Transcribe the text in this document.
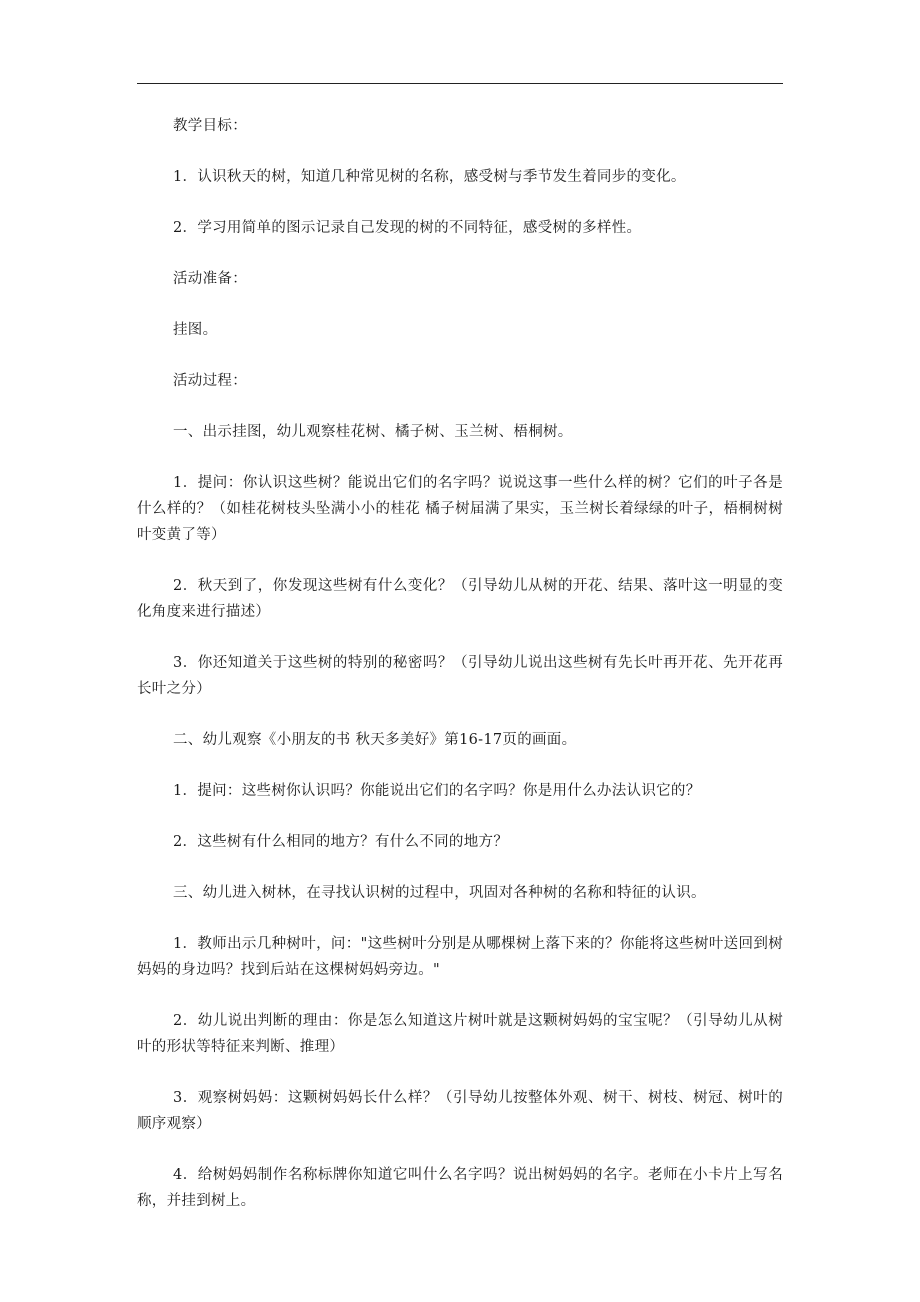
教学目标：

1．认识秋天的树，知道几种常见树的名称，感受树与季节发生着同步的变化。

2．学习用简单的图示记录自己发现的树的不同特征，感受树的多样性。

活动准备：

挂图。

活动过程：

一、出示挂图，幼儿观察桂花树、橘子树、玉兰树、梧桐树。

1．提问：你认识这些树？能说出它们的名字吗？说说这事一些什么样的树？它们的叶子各是什么样的？（如桂花树枝头坠满小小的桂花 橘子树届满了果实，玉兰树长着绿绿的叶子，梧桐树树叶变黄了等）

2．秋天到了，你发现这些树有什么变化？（引导幼儿从树的开花、结果、落叶这一明显的变化角度来进行描述）

3．你还知道关于这些树的特别的秘密吗？（引导幼儿说出这些树有先长叶再开花、先开花再长叶之分）

二、幼儿观察《小朋友的书 秋天多美好》第16-17页的画面。

1．提问：这些树你认识吗？你能说出它们的名字吗？你是用什么办法认识它的？

2．这些树有什么相同的地方？有什么不同的地方？

三、幼儿进入树林，在寻找认识树的过程中，巩固对各种树的名称和特征的认识。

1．教师出示几种树叶，问："这些树叶分别是从哪棵树上落下来的？你能将这些树叶送回到树妈妈的身边吗？找到后站在这棵树妈妈旁边。"

2．幼儿说出判断的理由：你是怎么知道这片树叶就是这颗树妈妈的宝宝呢？（引导幼儿从树叶的形状等特征来判断、推理）

3．观察树妈妈：这颗树妈妈长什么样？（引导幼儿按整体外观、树干、树枝、树冠、树叶的顺序观察）

4．给树妈妈制作名称标牌你知道它叫什么名字吗？说出树妈妈的名字。老师在小卡片上写名称，并挂到树上。
